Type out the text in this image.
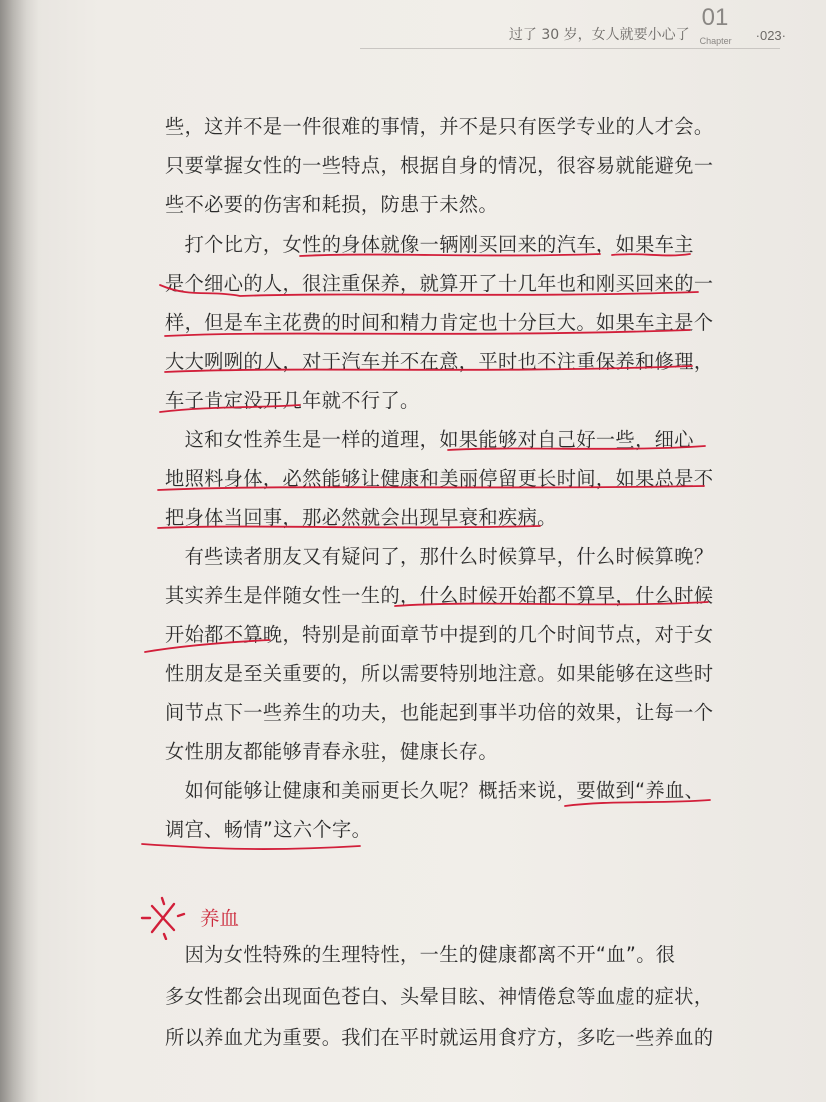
过了 30 岁，女人就要小心了
01
Chapter ·023·
些，这并不是一件很难的事情，并不是只有医学专业的人才会。
只要掌握女性的一些特点，根据自身的情况，很容易就能避免一
些不必要的伤害和耗损，防患于未然。
　打个比方，女性的身体就像一辆刚买回来的汽车，如果车主
是个细心的人，很注重保养，就算开了十几年也和刚买回来的一
样，但是车主花费的时间和精力肯定也十分巨大。如果车主是个
大大咧咧的人，对于汽车并不在意，平时也不注重保养和修理，
车子肯定没开几年就不行了。
　这和女性养生是一样的道理，如果能够对自己好一些，细心
地照料身体，必然能够让健康和美丽停留更长时间，如果总是不
把身体当回事，那必然就会出现早衰和疾病。
　有些读者朋友又有疑问了，那什么时候算早，什么时候算晚？
其实养生是伴随女性一生的，什么时候开始都不算早，什么时候
开始都不算晚，特别是前面章节中提到的几个时间节点，对于女
性朋友是至关重要的，所以需要特别地注意。如果能够在这些时
间节点下一些养生的功夫，也能起到事半功倍的效果，让每一个
女性朋友都能够青春永驻，健康长存。
　如何能够让健康和美丽更长久呢？概括来说，要做到“养血、
调宫、畅情”这六个字。
　因为女性特殊的生理特性，一生的健康都离不开“血”。很
多女性都会出现面色苍白、头晕目眩、神情倦怠等血虚的症状，
所以养血尤为重要。我们在平时就运用食疗方，多吃一些养血的
养血
